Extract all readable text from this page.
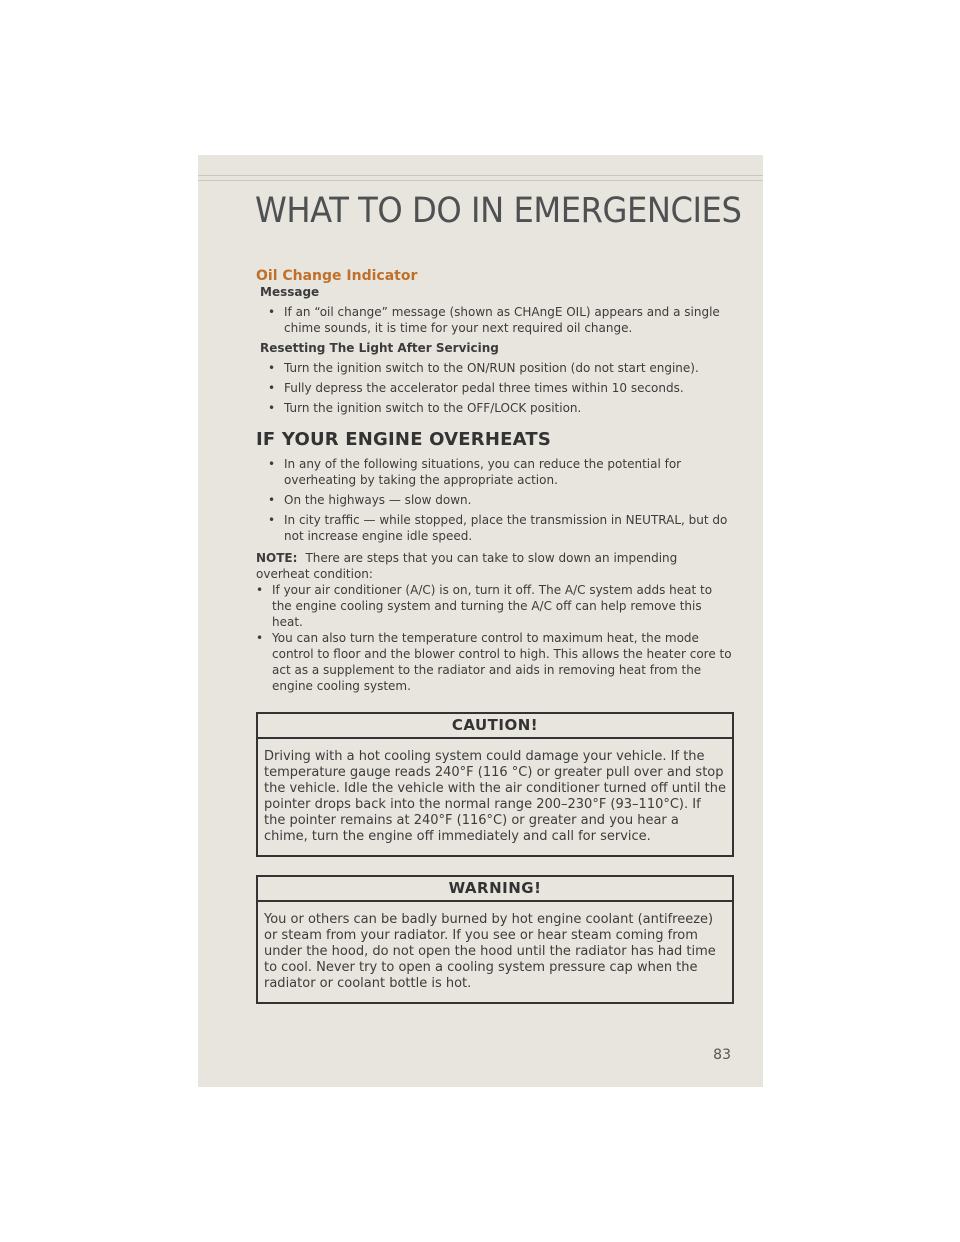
WHAT TO DO IN EMERGENCIES
Oil Change Indicator
Message
• If an “oil change” message (shown as CHAngE OIL) appears and a single chime sounds, it is time for your next required oil change.
Resetting The Light After Servicing
• Turn the ignition switch to the ON/RUN position (do not start engine).
• Fully depress the accelerator pedal three times within 10 seconds.
• Turn the ignition switch to the OFF/LOCK position.
IF YOUR ENGINE OVERHEATS
• In any of the following situations, you can reduce the potential for overheating by taking the appropriate action.
• On the highways — slow down.
• In city traffic — while stopped, place the transmission in NEUTRAL, but do not increase engine idle speed.

NOTE: There are steps that you can take to slow down an impending overheat condition:

• If your air conditioner (A/C) is on, turn it off. The A/C system adds heat to the engine cooling system and turning the A/C off can help remove this heat.
• You can also turn the temperature control to maximum heat, the mode control to floor and the blower control to high. This allows the heater core to act as a supplement to the radiator and aids in removing heat from the engine cooling system.
CAUTION!
Driving with a hot cooling system could damage your vehicle. If the temperature gauge reads 240°F (116 °C) or greater pull over and stop the vehicle. Idle the vehicle with the air conditioner turned off until the pointer drops back into the normal range 200–230°F (93–110°C). If the pointer remains at 240°F (116°C) or greater and you hear a chime, turn the engine off immediately and call for service.
WARNING!
You or others can be badly burned by hot engine coolant (antifreeze) or steam from your radiator. If you see or hear steam coming from under the hood, do not open the hood until the radiator has had time to cool. Never try to open a cooling system pressure cap when the radiator or coolant bottle is hot.
83
